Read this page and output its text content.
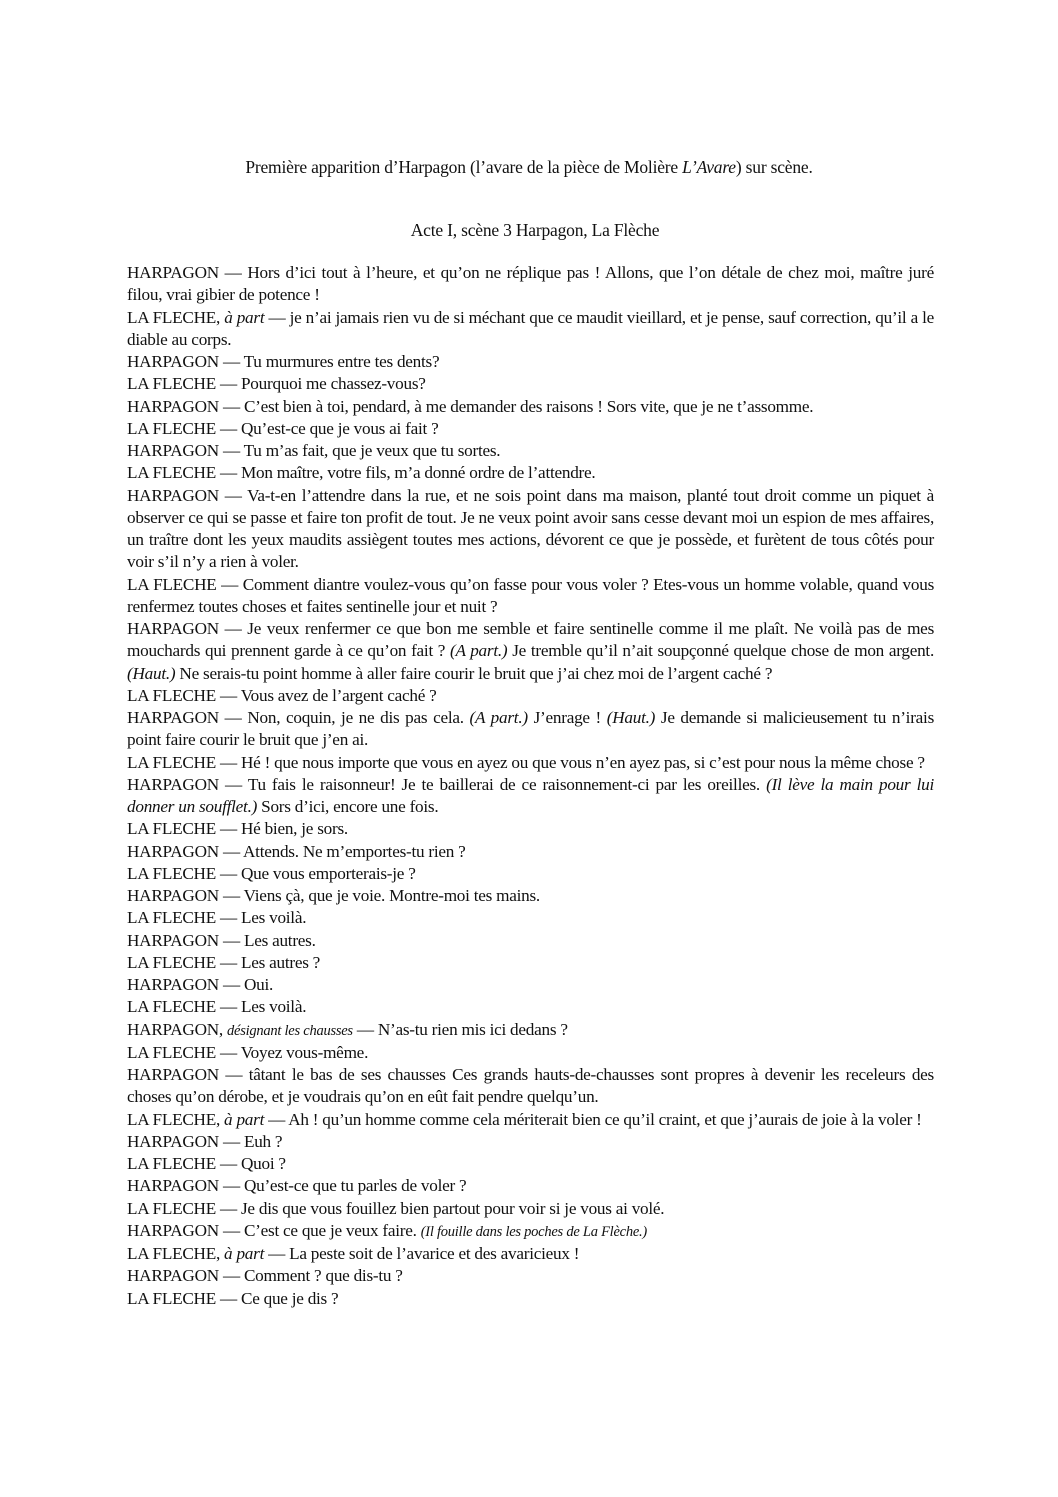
Première apparition d’Harpagon (l’avare de la pièce de Molière L’Avare) sur scène.
Acte I, scène 3 Harpagon, La Flèche

HARPAGON — Hors d’ici tout à l’heure, et qu’on ne réplique pas ! Allons, que l’on détale de chez moi, maître juré filou, vrai gibier de potence !

LA FLECHE, à part — je n’ai jamais rien vu de si méchant que ce maudit vieillard, et je pense, sauf correction, qu’il a le diable au corps.

HARPAGON — Tu murmures entre tes dents?

LA FLECHE — Pourquoi me chassez-vous?

HARPAGON — C’est bien à toi, pendard, à me demander des raisons ! Sors vite, que je ne t’assomme.

LA FLECHE — Qu’est-ce que je vous ai fait ?

HARPAGON — Tu m’as fait, que je veux que tu sortes.

LA FLECHE — Mon maître, votre fils, m’a donné ordre de l’attendre.

HARPAGON — Va-t-en l’attendre dans la rue, et ne sois point dans ma maison, planté tout droit comme un piquet à observer ce qui se passe et faire ton profit de tout. Je ne veux point avoir sans cesse devant moi un espion de mes affaires, un traître dont les yeux maudits assiègent toutes mes actions, dévorent ce que je possède, et furètent de tous côtés pour voir s’il n’y a rien à voler.

LA FLECHE — Comment diantre voulez-vous qu’on fasse pour vous voler ? Etes-vous un homme volable, quand vous renfermez toutes choses et faites sentinelle jour et nuit ?

HARPAGON — Je veux renfermer ce que bon me semble et faire sentinelle comme il me plaît. Ne voilà pas de mes mouchards qui prennent garde à ce qu’on fait ? (A part.) Je tremble qu’il n’ait soupçonné quelque chose de mon argent. (Haut.) Ne serais-tu point homme à aller faire courir le bruit que j’ai chez moi de l’argent caché ?

LA FLECHE — Vous avez de l’argent caché ?

HARPAGON — Non, coquin, je ne dis pas cela. (A part.) J’enrage ! (Haut.) Je demande si malicieusement tu n’irais point faire courir le bruit que j’en ai.

LA FLECHE — Hé ! que nous importe que vous en ayez ou que vous n’en ayez pas, si c’est pour nous la même chose ?

HARPAGON — Tu fais le raisonneur! Je te baillerai de ce raisonnement-ci par les oreilles. (Il lève la main pour lui donner un soufflet.) Sors d’ici, encore une fois.

LA FLECHE — Hé bien, je sors.

HARPAGON — Attends. Ne m’emportes-tu rien ?

LA FLECHE — Que vous emporterais-je ?

HARPAGON — Viens çà, que je voie. Montre-moi tes mains.

LA FLECHE — Les voilà.

HARPAGON — Les autres.

LA FLECHE — Les autres ?

HARPAGON — Oui.

LA FLECHE — Les voilà.

HARPAGON, désignant les chausses — N’as-tu rien mis ici dedans ?

LA FLECHE — Voyez vous-même.

HARPAGON — tâtant le bas de ses chausses Ces grands hauts-de-chausses sont propres à devenir les receleurs des choses qu’on dérobe, et je voudrais qu’on en eût fait pendre quelqu’un.

LA FLECHE, à part — Ah ! qu’un homme comme cela mériterait bien ce qu’il craint, et que j’aurais de joie à la voler !

HARPAGON — Euh ?

LA FLECHE — Quoi ?

HARPAGON — Qu’est-ce que tu parles de voler ?

LA FLECHE — Je dis que vous fouillez bien partout pour voir si je vous ai volé.

HARPAGON — C’est ce que je veux faire. (Il fouille dans les poches de La Flèche.)

LA FLECHE, à part — La peste soit de l’avarice et des avaricieux !

HARPAGON — Comment ? que dis-tu ?

LA FLECHE — Ce que je dis ?
